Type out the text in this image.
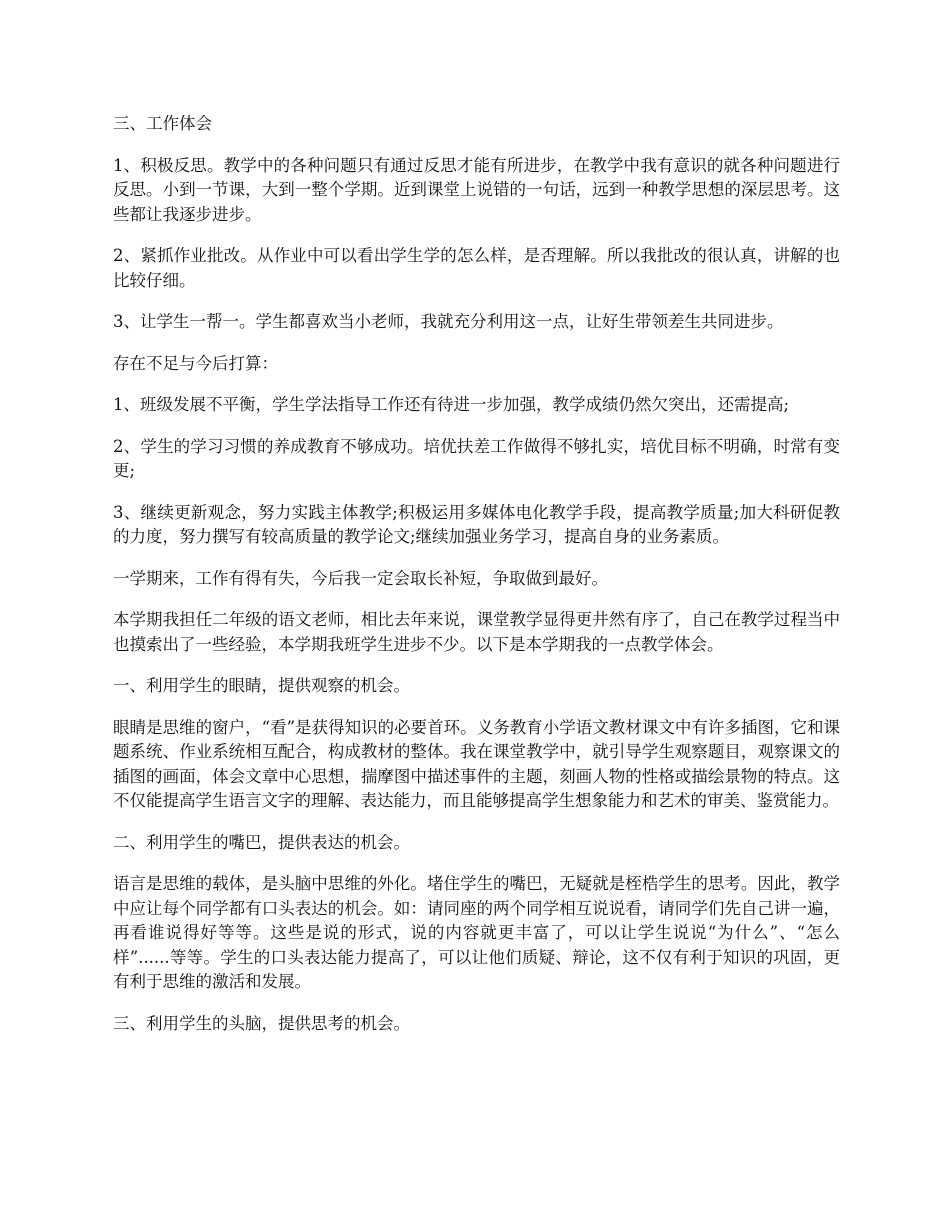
三、工作体会

1、积极反思。教学中的各种问题只有通过反思才能有所进步，在教学中我有意识的就各种问题进行反思。小到一节课，大到一整个学期。近到课堂上说错的一句话，远到一种教学思想的深层思考。这些都让我逐步进步。

2、紧抓作业批改。从作业中可以看出学生学的怎么样，是否理解。所以我批改的很认真，讲解的也比较仔细。

3、让学生一帮一。学生都喜欢当小老师，我就充分利用这一点，让好生带领差生共同进步。

存在不足与今后打算：

1、班级发展不平衡，学生学法指导工作还有待进一步加强，教学成绩仍然欠突出，还需提高;

2、学生的学习习惯的养成教育不够成功。培优扶差工作做得不够扎实，培优目标不明确，时常有变更;

3、继续更新观念，努力实践主体教学;积极运用多媒体电化教学手段，提高教学质量;加大科研促教的力度，努力撰写有较高质量的教学论文;继续加强业务学习，提高自身的业务素质。

一学期来，工作有得有失，今后我一定会取长补短，争取做到最好。

本学期我担任二年级的语文老师，相比去年来说，课堂教学显得更井然有序了，自己在教学过程当中也摸索出了一些经验，本学期我班学生进步不少。以下是本学期我的一点教学体会。

一、利用学生的眼睛，提供观察的机会。

眼睛是思维的窗户，“看”是获得知识的必要首环。义务教育小学语文教材课文中有许多插图，它和课题系统、作业系统相互配合，构成教材的整体。我在课堂教学中，就引导学生观察题目，观察课文的插图的画面，体会文章中心思想，揣摩图中描述事件的主题，刻画人物的性格或描绘景物的特点。这不仅能提高学生语言文字的理解、表达能力，而且能够提高学生想象能力和艺术的审美、鉴赏能力。

二、利用学生的嘴巴，提供表达的机会。

语言是思维的载体，是头脑中思维的外化。堵住学生的嘴巴，无疑就是桎梏学生的思考。因此，教学中应让每个同学都有口头表达的机会。如：请同座的两个同学相互说说看，请同学们先自己讲一遍，再看谁说得好等等。这些是说的形式，说的内容就更丰富了，可以让学生说说“为什么”、“怎么样”......等等。学生的口头表达能力提高了，可以让他们质疑、辩论，这不仅有利于知识的巩固，更有利于思维的激活和发展。

三、利用学生的头脑，提供思考的机会。
